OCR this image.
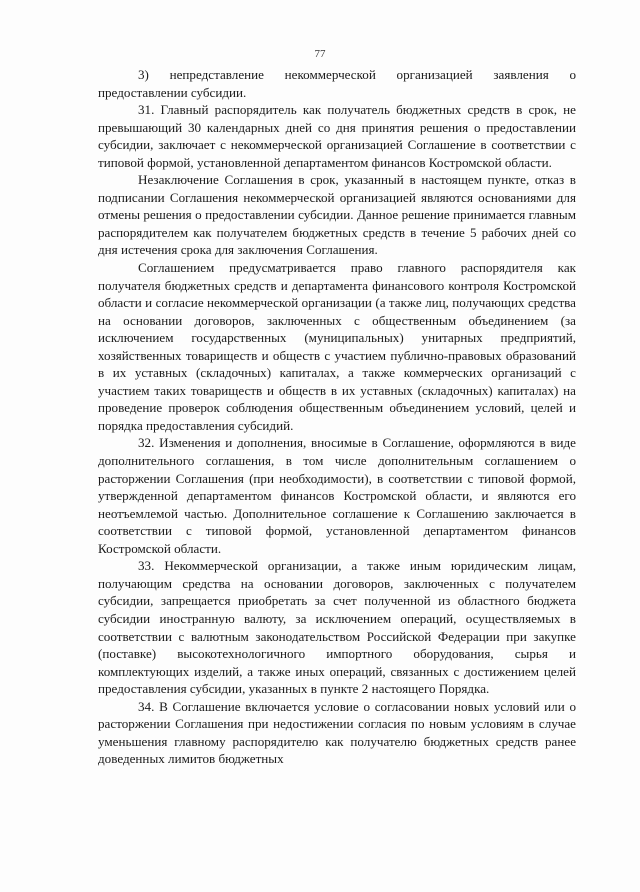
77

3) непредставление некоммерческой организацией заявления о предоставлении субсидии.

31. Главный распорядитель как получатель бюджетных средств в срок, не превышающий 30 календарных дней со дня принятия решения о предоставлении субсидии, заключает с некоммерческой организацией Соглашение в соответствии с типовой формой, установленной департаментом финансов Костромской области.

Незаключение Соглашения в срок, указанный в настоящем пункте, отказ в подписании Соглашения некоммерческой организацией являются основаниями для отмены решения о предоставлении субсидии. Данное решение принимается главным распорядителем как получателем бюджетных средств в течение 5 рабочих дней со дня истечения срока для заключения Соглашения.

Соглашением предусматривается право главного распорядителя как получателя бюджетных средств и департамента финансового контроля Костромской области и согласие некоммерческой организации (а также лиц, получающих средства на основании договоров, заключенных с общественным объединением (за исключением государственных (муниципальных) унитарных предприятий, хозяйственных товариществ и обществ с участием публично-правовых образований в их уставных (складочных) капиталах, а также коммерческих организаций с участием таких товариществ и обществ в их уставных (складочных) капиталах) на проведение проверок соблюдения общественным объединением условий, целей и порядка предоставления субсидий.

32. Изменения и дополнения, вносимые в Соглашение, оформляются в виде дополнительного соглашения, в том числе дополнительным соглашением о расторжении Соглашения (при необходимости), в соответствии с типовой формой, утвержденной департаментом финансов Костромской области, и являются его неотъемлемой частью. Дополнительное соглашение к Соглашению заключается в соответствии с типовой формой, установленной департаментом финансов Костромской области.

33. Некоммерческой организации, а также иным юридическим лицам, получающим средства на основании договоров, заключенных с получателем субсидии, запрещается приобретать за счет полученной из областного бюджета субсидии иностранную валюту, за исключением операций, осуществляемых в соответствии с валютным законодательством Российской Федерации при закупке (поставке) высокотехнологичного импортного оборудования, сырья и комплектующих изделий, а также иных операций, связанных с достижением целей предоставления субсидии, указанных в пункте 2 настоящего Порядка.

34. В Соглашение включается условие о согласовании новых условий или о расторжении Соглашения при недостижении согласия по новым условиям в случае уменьшения главному распорядителю как получателю бюджетных средств ранее доведенных лимитов бюджетных
